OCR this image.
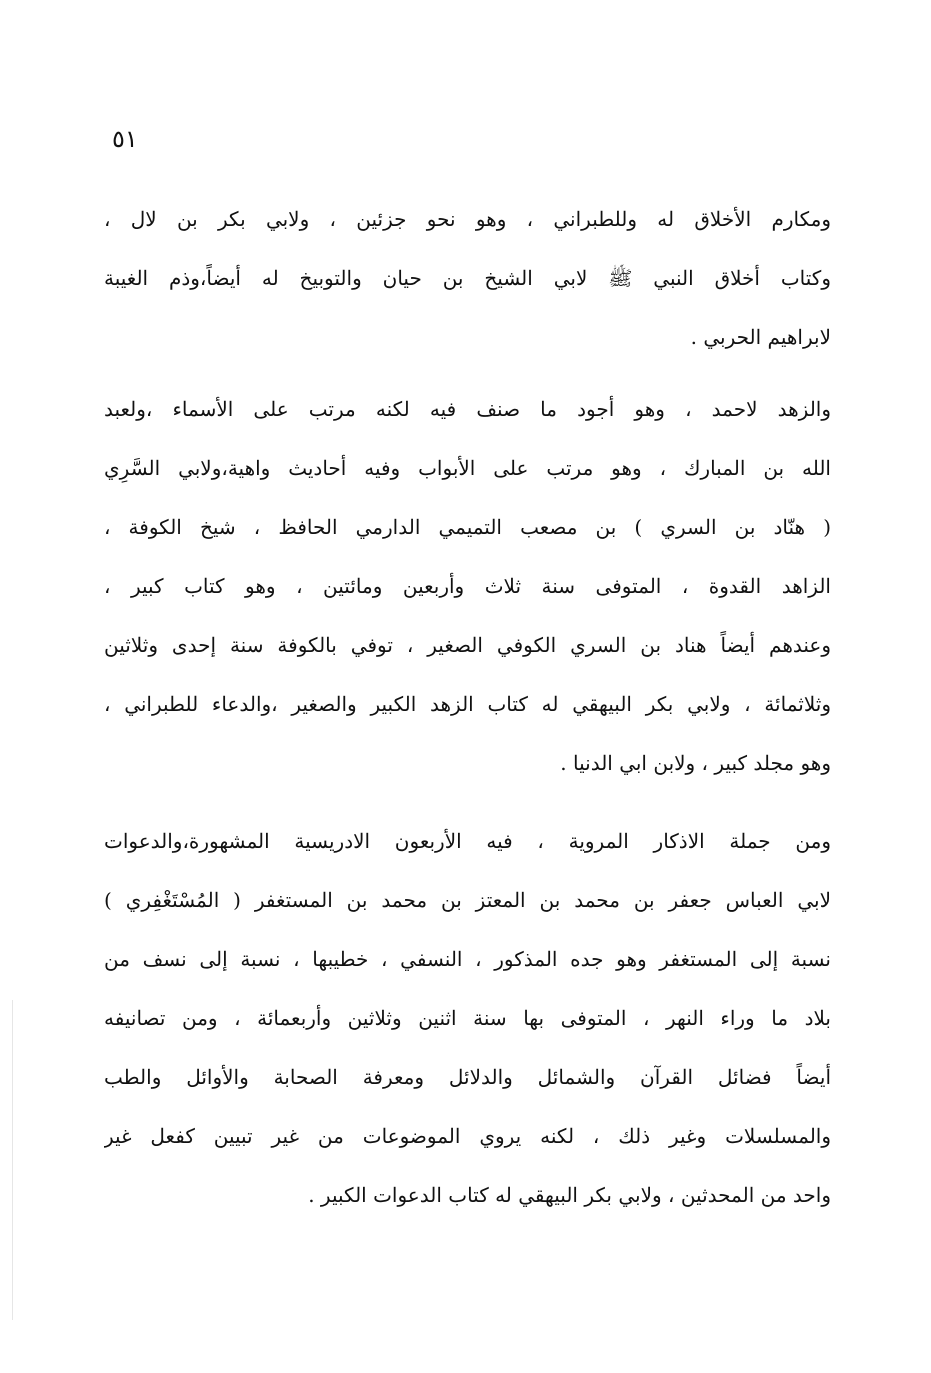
٥١
ومكارم الأخلاق له وللطبراني ، وهو نحو جزئين ، ولابي بكر بن لال ،
وكتاب أخلاق النبي ﷺ لابي الشيخ بن حيان والتوبيخ له أيضاً،وذم الغيبة
لابراهيم الحربي .
والزهد لاحمد ، وهو أجود ما صنف فيه لكنه مرتب على الأسماء ،ولعبد
الله بن المبارك ، وهو مرتب على الأبواب وفيه أحاديث واهية،ولابي السَّرِي
( هنّاد بن السري ) بن مصعب التميمي الدارمي الحافظ ، شيخ الكوفة ،
الزاهد القدوة ، المتوفى سنة ثلاث وأربعين ومائتين ، وهو كتاب كبير ،
وعندهم أيضاً هناد بن السري الكوفي الصغير ، توفي بالكوفة سنة إحدى وثلاثين
وثلاثمائة ، ولابي بكر البيهقي له كتاب الزهد الكبير والصغير ،والدعاء للطبراني ،
وهو مجلد كبير ، ولابن ابي الدنيا .
ومن جملة الاذكار المروية ، فيه الأربعون الادريسية المشهورة،والدعوات
لابي العباس جعفر بن محمد بن المعتز بن محمد بن المستغفر ( المُسْتَغْفِري )
نسبة إلى المستغفر وهو جده المذكور ، النسفي ، خطيبها ، نسبة إلى نسف من
بلاد ما وراء النهر ، المتوفى بها سنة اثنين وثلاثين وأربعمائة ، ومن تصانيفه
أيضاً فضائل القرآن والشمائل والدلائل ومعرفة الصحابة والأوائل والطب
والمسلسلات وغير ذلك ، لكنه يروي الموضوعات من غير تبيين كفعل غير
واحد من المحدثين ، ولابي بكر البيهقي له كتاب الدعوات الكبير .
